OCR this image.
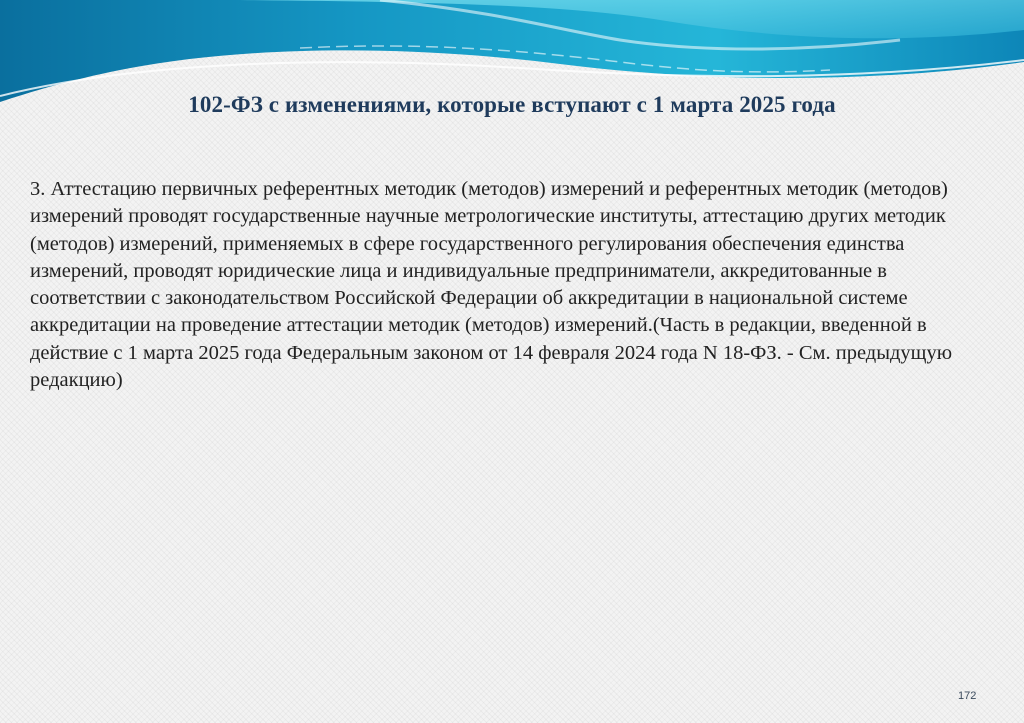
102-ФЗ с изменениями, которые вступают с 1 марта 2025 года

3. Аттестацию первичных референтных методик (методов) измерений и референтных методик (методов) измерений проводят государственные научные метрологические институты, аттестацию других методик (методов) измерений, применяемых в сфере государственного регулирования обеспечения единства измерений, проводят юридические лица и индивидуальные предприниматели, аккредитованные в соответствии с законодательством Российской Федерации об аккредитации в национальной системе аккредитации на проведение аттестации методик (методов) измерений.(Часть в редакции, введенной в действие с 1 марта 2025 года Федеральным законом от 14 февраля 2024 года N 18-ФЗ. - См. предыдущую редакцию)

172
